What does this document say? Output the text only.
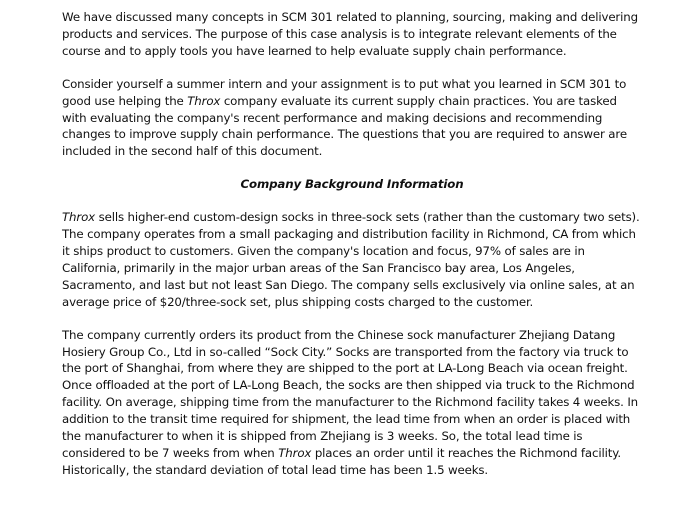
We have discussed many concepts in SCM 301 related to planning, sourcing, making and delivering products and services. The purpose of this case analysis is to integrate relevant elements of the course and to apply tools you have learned to help evaluate supply chain performance.

Consider yourself a summer intern and your assignment is to put what you learned in SCM 301 to good use helping the Throx company evaluate its current supply chain practices. You are tasked with evaluating the company's recent performance and making decisions and recommending changes to improve supply chain performance. The questions that you are required to answer are included in the second half of this document.

Company Background Information

Throx sells higher-end custom-design socks in three-sock sets (rather than the customary two sets). The company operates from a small packaging and distribution facility in Richmond, CA from which it ships product to customers. Given the company's location and focus, 97% of sales are in California, primarily in the major urban areas of the San Francisco bay area, Los Angeles, Sacramento, and last but not least San Diego. The company sells exclusively via online sales, at an average price of $20/three-sock set, plus shipping costs charged to the customer.

The company currently orders its product from the Chinese sock manufacturer Zhejiang Datang Hosiery Group Co., Ltd in so-called “Sock City.” Socks are transported from the factory via truck to the port of Shanghai, from where they are shipped to the port at LA-Long Beach via ocean freight. Once offloaded at the port of LA-Long Beach, the socks are then shipped via truck to the Richmond facility. On average, shipping time from the manufacturer to the Richmond facility takes 4 weeks. In addition to the transit time required for shipment, the lead time from when an order is placed with the manufacturer to when it is shipped from Zhejiang is 3 weeks. So, the total lead time is considered to be 7 weeks from when Throx places an order until it reaches the Richmond facility. Historically, the standard deviation of total lead time has been 1.5 weeks.
